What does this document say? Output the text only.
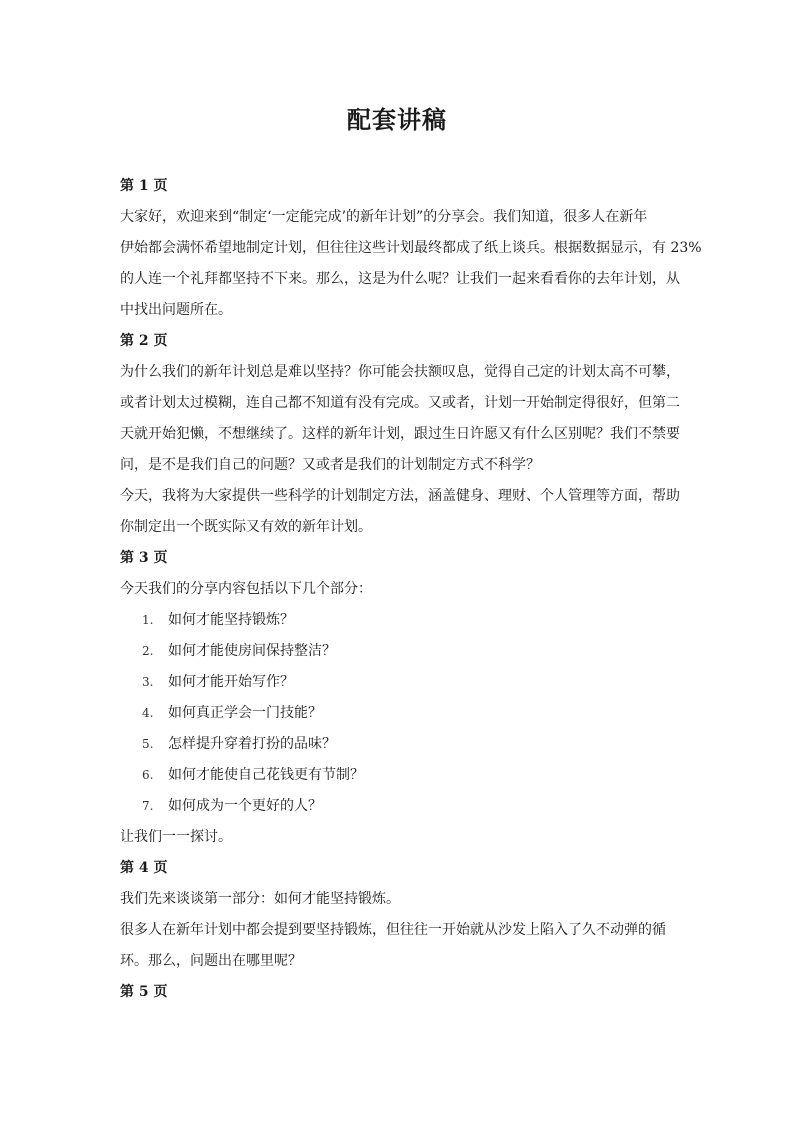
配套讲稿

第 1 页

大家好，欢迎来到“制定‘一定能完成’的新年计划”的分享会。我们知道，很多人在新年

伊始都会满怀希望地制定计划，但往往这些计划最终都成了纸上谈兵。根据数据显示，有 23%

的人连一个礼拜都坚持不下来。那么，这是为什么呢？让我们一起来看看你的去年计划，从

中找出问题所在。

第 2 页

为什么我们的新年计划总是难以坚持？你可能会扶额叹息，觉得自己定的计划太高不可攀，

或者计划太过模糊，连自己都不知道有没有完成。又或者，计划一开始制定得很好，但第二

天就开始犯懒，不想继续了。这样的新年计划，跟过生日许愿又有什么区别呢？我们不禁要

问，是不是我们自己的问题？又或者是我们的计划制定方式不科学？

今天，我将为大家提供一些科学的计划制定方法，涵盖健身、理财、个人管理等方面，帮助

你制定出一个既实际又有效的新年计划。

第 3 页

今天我们的分享内容包括以下几个部分：

1.	如何才能坚持锻炼？
2.	如何才能使房间保持整洁？
3.	如何才能开始写作？
4.	如何真正学会一门技能？
5.	怎样提升穿着打扮的品味？
6.	如何才能使自己花钱更有节制？
7.	如何成为一个更好的人？

让我们一一探讨。

第 4 页

我们先来谈谈第一部分：如何才能坚持锻炼。

很多人在新年计划中都会提到要坚持锻炼，但往往一开始就从沙发上陷入了久不动弹的循

环。那么，问题出在哪里呢？

第 5 页
